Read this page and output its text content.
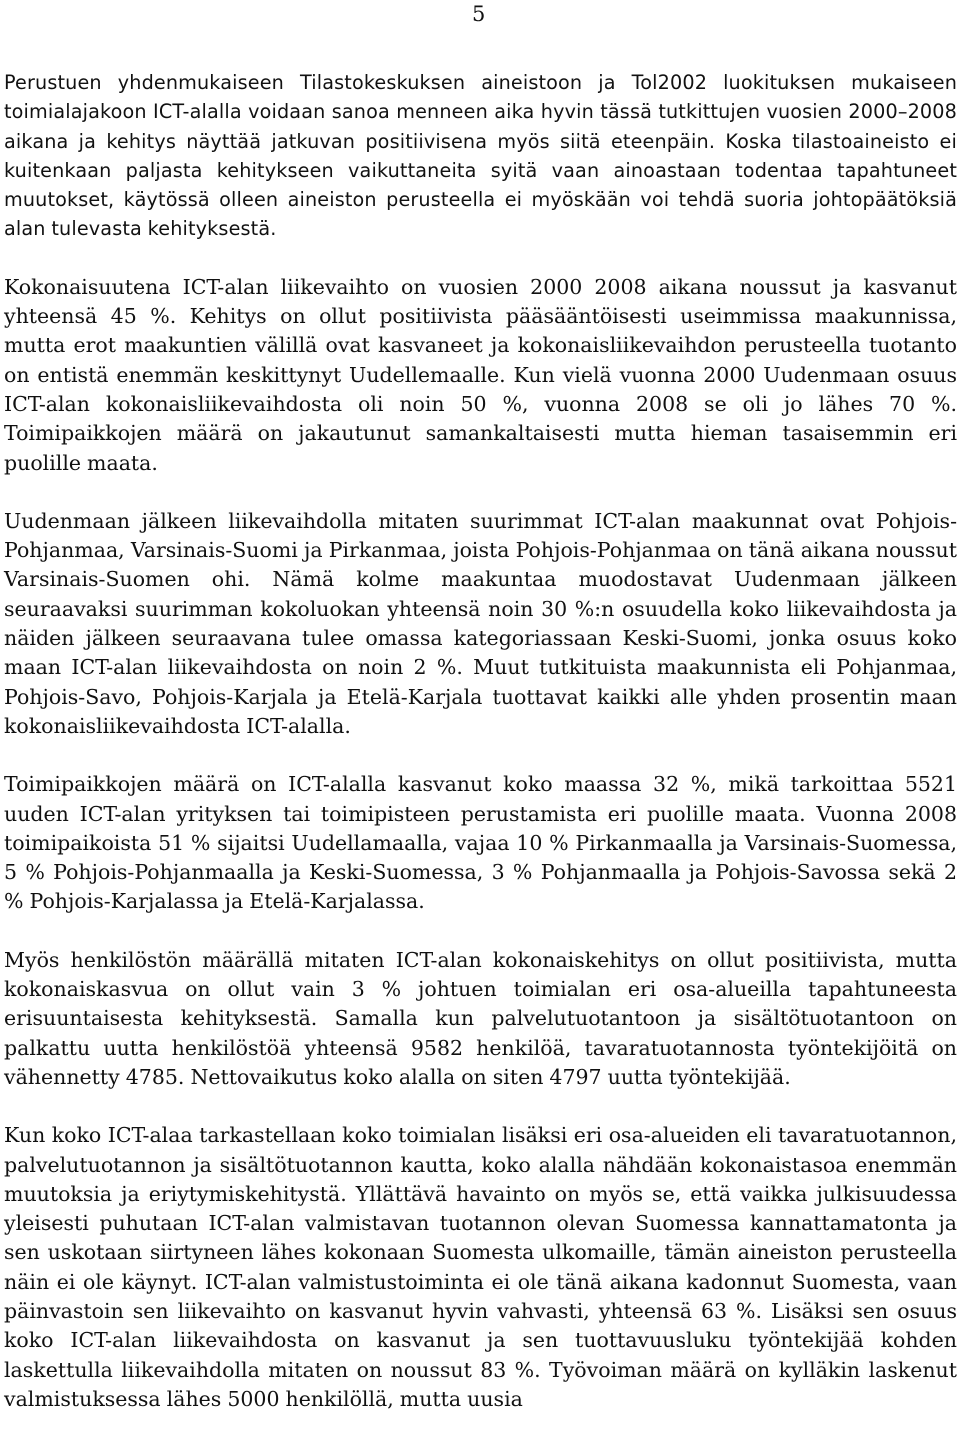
5

Perustuen yhdenmukaiseen Tilastokeskuksen aineistoon ja Tol2002 luokituksen mukaiseen toimialajakoon ICT-alalla voidaan sanoa menneen aika hyvin tässä tutkittujen vuosien 2000–2008 aikana ja kehitys näyttää jatkuvan positiivisena myös siitä eteenpäin. Koska tilastoaineisto ei kuitenkaan paljasta kehitykseen vaikuttaneita syitä vaan ainoastaan todentaa tapahtuneet muutokset, käytössä olleen aineiston perusteella ei myöskään voi tehdä suoria johtopäätöksiä alan tulevasta kehityksestä.

Kokonaisuutena ICT-alan liikevaihto on vuosien 2000 2008 aikana noussut ja kasvanut yhteensä 45 %. Kehitys on ollut positiivista pääsääntöisesti useimmissa maakunnissa, mutta erot maakuntien välillä ovat kasvaneet ja kokonaisliikevaihdon perusteella tuotanto on entistä enemmän keskittynyt Uudellemaalle. Kun vielä vuonna 2000 Uudenmaan osuus ICT-alan kokonaisliikevaihdosta oli noin 50 %, vuonna 2008 se oli jo lähes 70 %. Toimipaikkojen määrä on jakautunut samankaltaisesti mutta hieman tasaisemmin eri puolille maata.

Uudenmaan jälkeen liikevaihdolla mitaten suurimmat ICT-alan maakunnat ovat Pohjois-Pohjanmaa, Varsinais-Suomi ja Pirkanmaa, joista Pohjois-Pohjanmaa on tänä aikana noussut Varsinais-Suomen ohi. Nämä kolme maakuntaa muodostavat Uudenmaan jälkeen seuraavaksi suurimman kokoluokan yhteensä noin 30 %:n osuudella koko liikevaihdosta ja näiden jälkeen seuraavana tulee omassa kategoriassaan Keski-Suomi, jonka osuus koko maan ICT-alan liikevaihdosta on noin 2 %. Muut tutkituista maakunnista eli Pohjanmaa, Pohjois-Savo, Pohjois-Karjala ja Etelä-Karjala tuottavat kaikki alle yhden prosentin maan kokonaisliikevaihdosta ICT-alalla.

Toimipaikkojen määrä on ICT-alalla kasvanut koko maassa 32 %, mikä tarkoittaa 5521 uuden ICT-alan yrityksen tai toimipisteen perustamista eri puolille maata. Vuonna 2008 toimipaikoista 51 % sijaitsi Uudellamaalla, vajaa 10 % Pirkanmaalla ja Varsinais-Suomessa, 5 % Pohjois-Pohjanmaalla ja Keski-Suomessa, 3 % Pohjanmaalla ja Pohjois-Savossa sekä 2 % Pohjois-Karjalassa ja Etelä-Karjalassa.

Myös henkilöstön määrällä mitaten ICT-alan kokonaiskehitys on ollut positiivista, mutta kokonaiskasvua on ollut vain 3 % johtuen toimialan eri osa-alueilla tapahtuneesta erisuuntaisesta kehityksestä. Samalla kun palvelutuotantoon ja sisältötuotantoon on palkattu uutta henkilöstöä yhteensä 9582 henkilöä, tavaratuotannosta työntekijöitä on vähennetty 4785. Nettovaikutus koko alalla on siten 4797 uutta työntekijää.

Kun koko ICT-alaa tarkastellaan koko toimialan lisäksi eri osa-alueiden eli tavaratuotannon, palvelutuotannon ja sisältötuotannon kautta, koko alalla nähdään kokonaistasoa enemmän muutoksia ja eriytymiskehitystä. Yllättävä havainto on myös se, että vaikka julkisuudessa yleisesti puhutaan ICT-alan valmistavan tuotannon olevan Suomessa kannattamatonta ja sen uskotaan siirtyneen lähes kokonaan Suomesta ulkomaille, tämän aineiston perusteella näin ei ole käynyt. ICT-alan valmistustoiminta ei ole tänä aikana kadonnut Suomesta, vaan päinvastoin sen liikevaihto on kasvanut hyvin vahvasti, yhteensä 63 %. Lisäksi sen osuus koko ICT-alan liikevaihdosta on kasvanut ja sen tuottavuusluku työntekijää kohden laskettulla liikevaihdolla mitaten on noussut 83 %. Työvoiman määrä on kylläkin laskenut valmistuksessa lähes 5000 henkilöllä, mutta uusia
